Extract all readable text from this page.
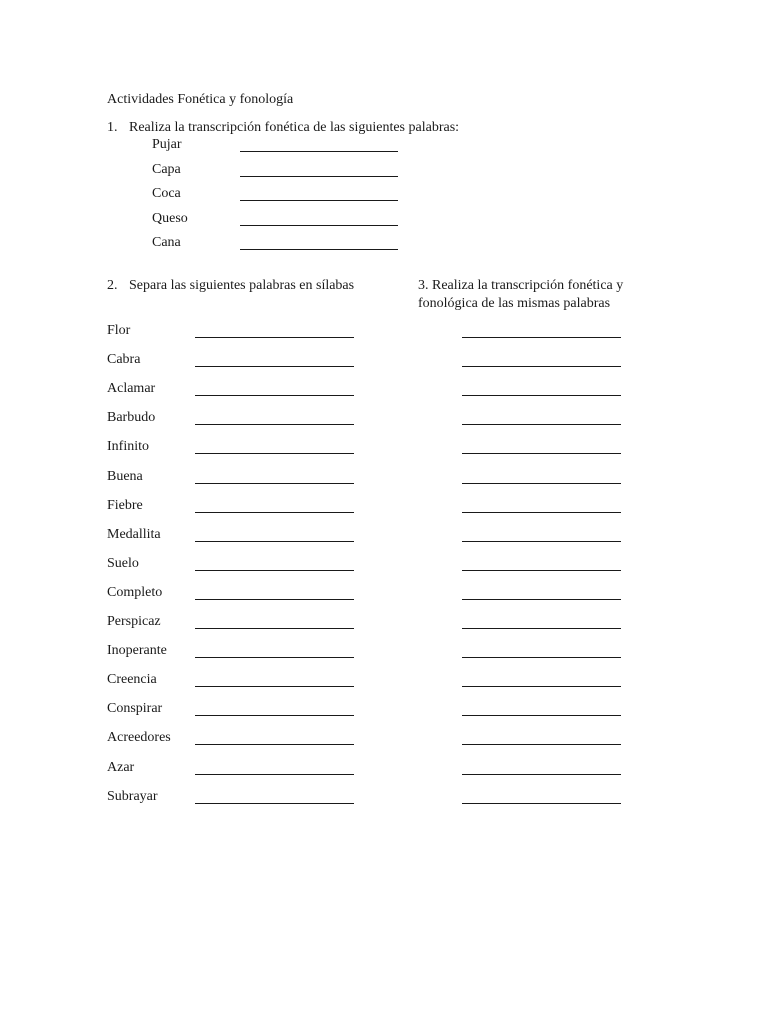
Actividades Fonética y fonología
1. Realiza la transcripción fonética de las siguientes palabras:
Pujar
Capa
Coca
Queso
Cana
2. Separa las siguientes palabras en sílabas	3. Realiza la transcripción fonética y
fonológica de las mismas palabras
Flor
Cabra
Aclamar
Barbudo
Infinito
Buena
Fiebre
Medallita
Suelo
Completo
Perspicaz
Inoperante
Creencia
Conspirar
Acreedores
Azar
Subrayar
